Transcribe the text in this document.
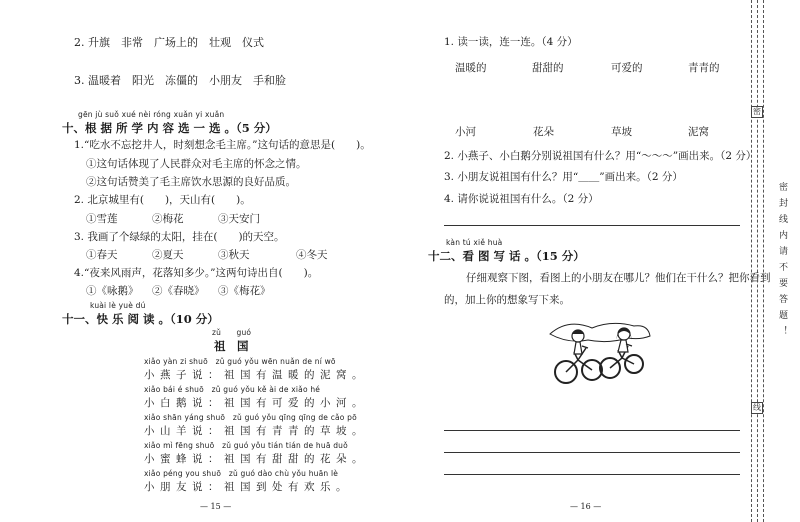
2. 升旗　非常　广场上的　壮观　仪式
3. 温暖着　阳光　冻僵的　小朋友　手和脸
gēn jù suǒ xué nèi róng xuǎn yi xuǎn
十、根 据 所 学 内 容 选 一 选 。（5 分）
1.“吃水不忘挖井人，时刻想念毛主席。”这句话的意思是(　　)。
①这句话体现了人民群众对毛主席的怀念之情。
②这句话赞美了毛主席饮水思源的良好品质。
2. 北京城里有(　　)，天山有(　　)。
①雪莲	②梅花	③天安门
3. 我画了个绿绿的太阳，挂在(　　)的天空。
①春天	②夏天	③秋天	④冬天
4.“夜来风雨声，花落知多少。”这两句诗出自(　　)。
①《咏鹅》 ②《春晓》 ③《梅花》
kuài lè yuè dú
十一、快 乐 阅 读 。（10 分）
zǔ　　guó
祖　国
xiǎo yàn zi shuō　zǔ guó yǒu wēn nuǎn de ní wō
小燕子说：祖国有温暖的泥窝。
xiǎo bái é shuō　zǔ guó yǒu kě ài de xiǎo hé
小白鹅说：祖国有可爱的小河。
xiǎo shān yáng shuō　zǔ guó yǒu qīng qīng de cǎo pō
小山羊说：祖国有青青的草坡。
xiǎo mì fēng shuō　zǔ guó yǒu tián tián de huā duǒ
小蜜蜂说：祖国有甜甜的花朵。
xiǎo péng you shuō　zǔ guó dào chù yǒu huān lè
小朋友说：祖国到处有欢乐。
— 15 —
1. 读一读，连一连。（4 分）
温暖的	甜甜的	可爱的	青青的
小河	花朵	草坡	泥窝
2. 小燕子、小白鹅分别说祖国有什么？用“～～～”画出来。（2 分）
3. 小朋友说祖国有什么？用“＿＿”画出来。（2 分）
4. 请你说说祖国有什么。（2 分）
kàn tú xiě huà
十二、看 图 写 话 。（15 分）
仔细观察下图，看图上的小朋友在哪儿？他们在干什么？把你看到
的，加上你的想象写下来。
— 16 —
密
线
密封线内请不要答题！
